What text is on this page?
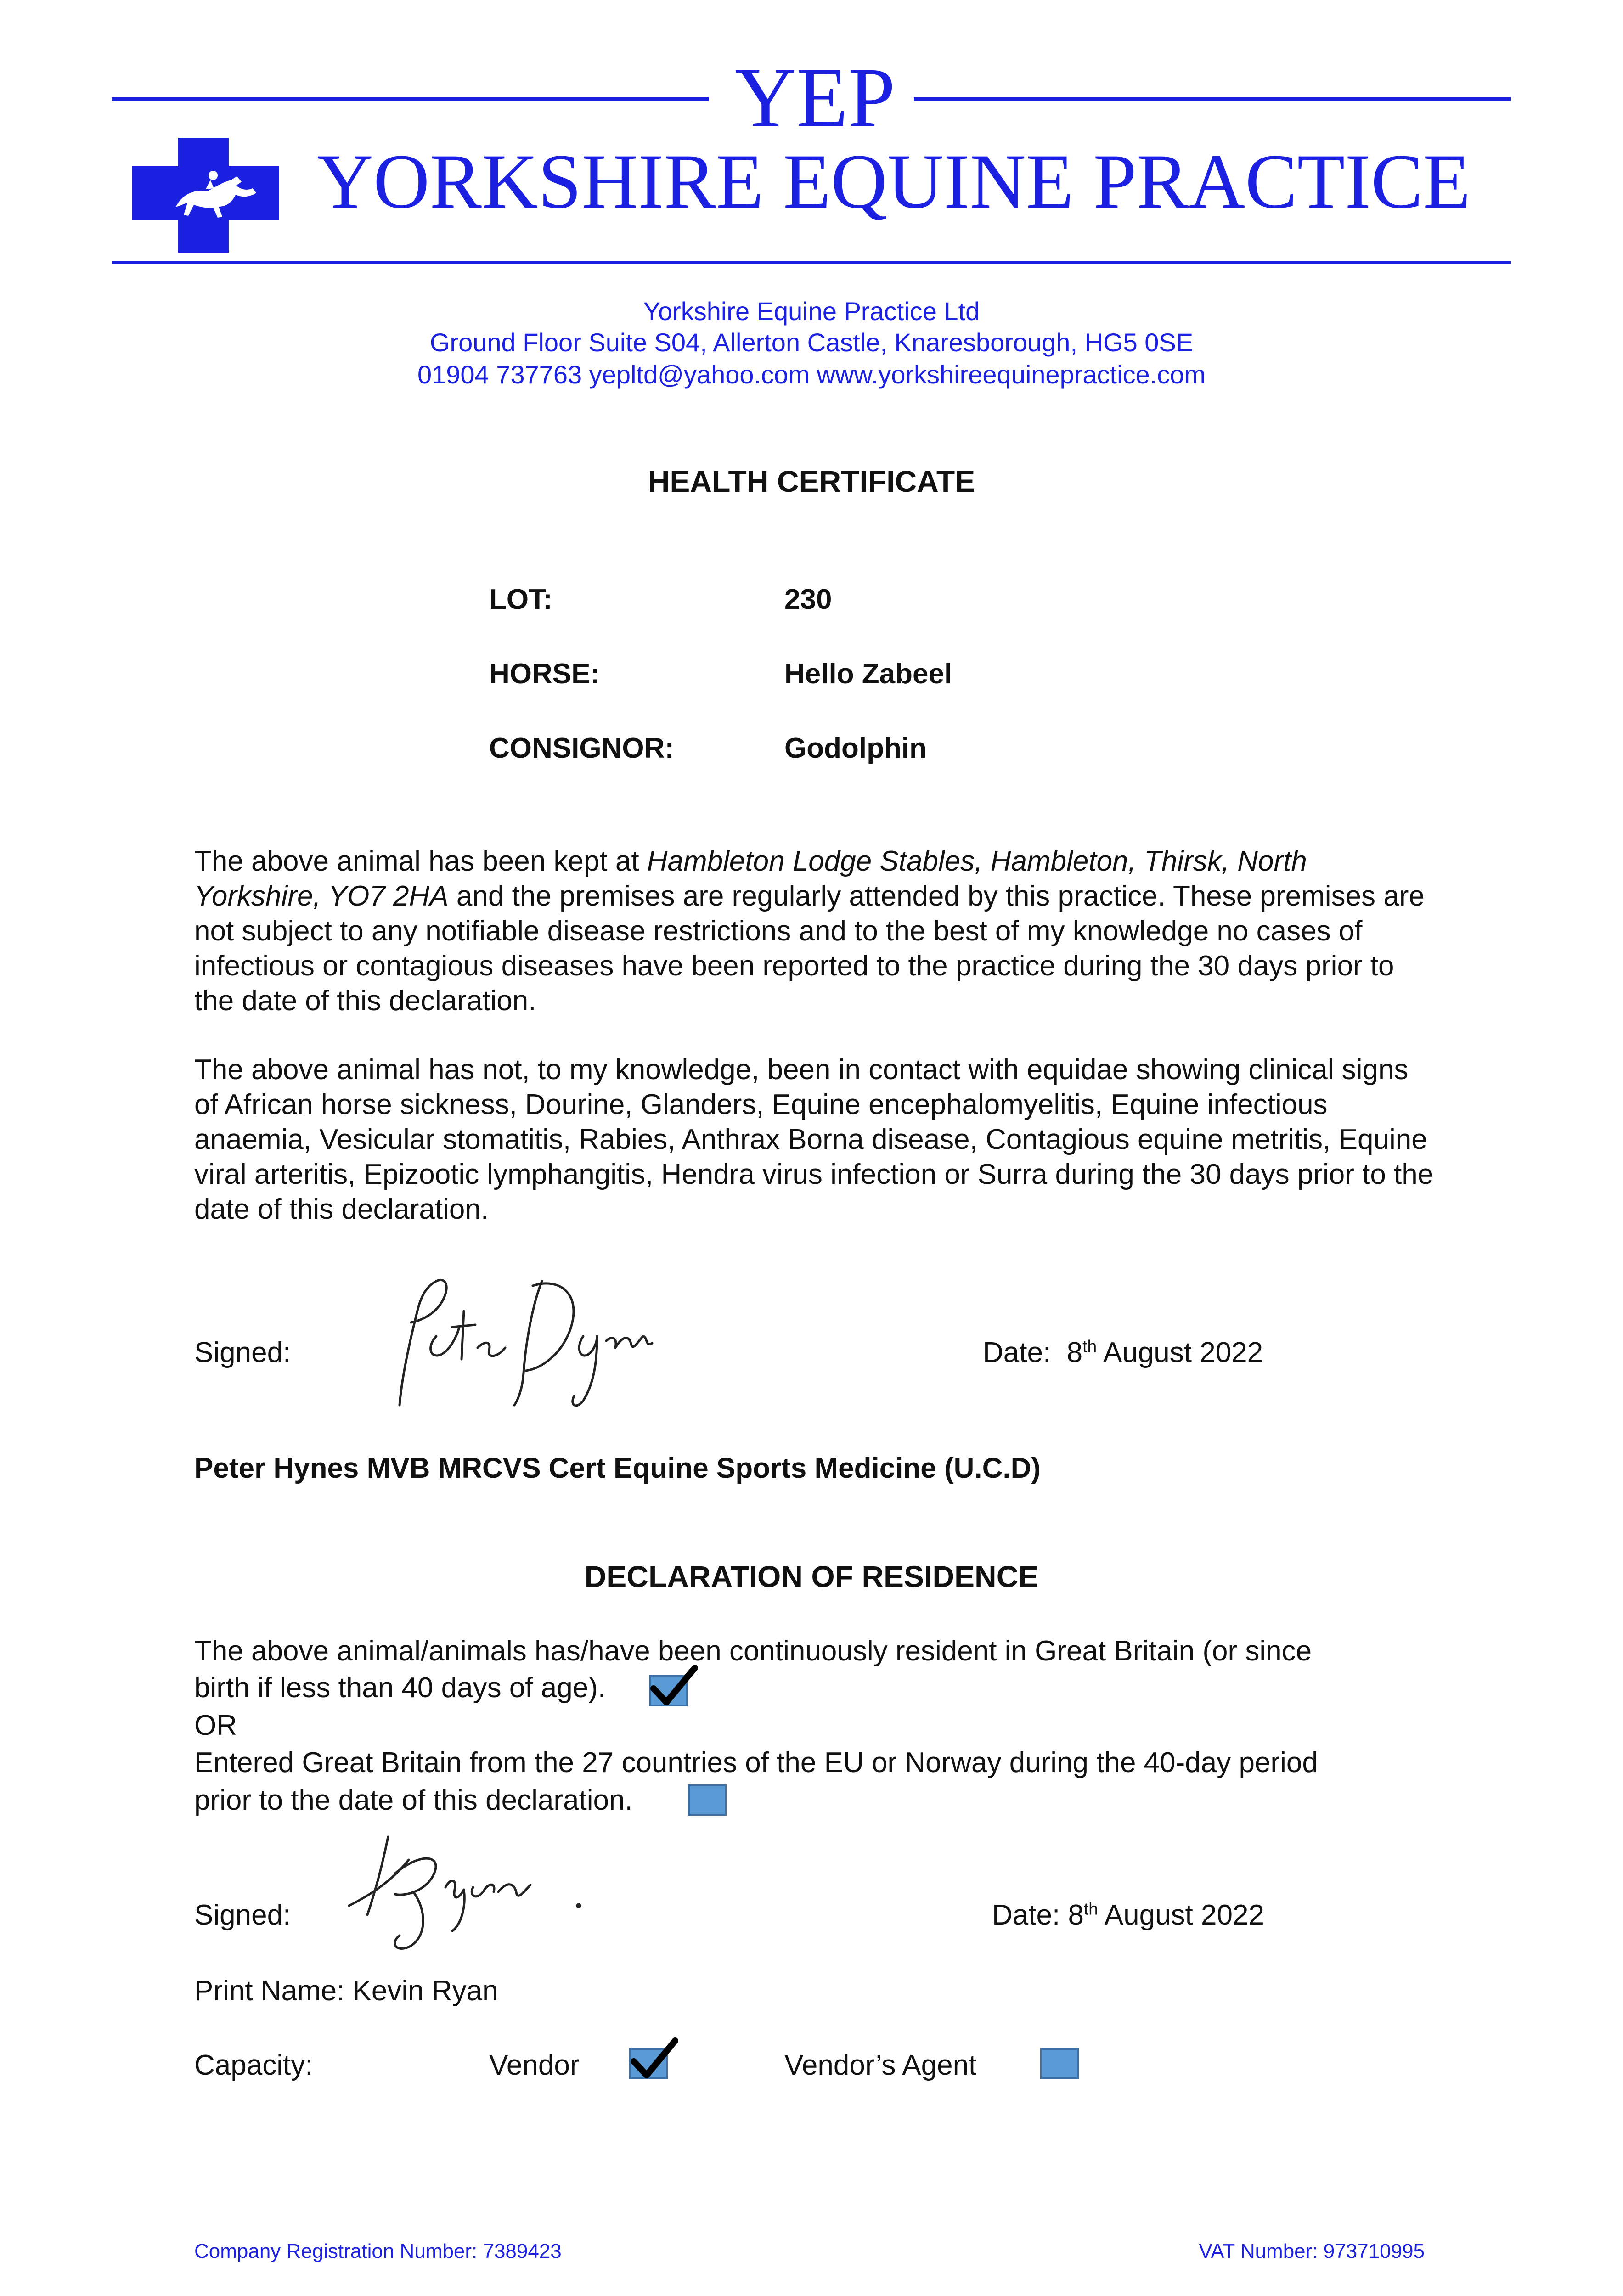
YEP
YORKSHIRE EQUINE PRACTICE
Yorkshire Equine Practice Ltd
Ground Floor Suite S04, Allerton Castle, Knaresborough, HG5 0SE
01904 737763 yepltd@yahoo.com www.yorkshireequinepractice.com
HEALTH CERTIFICATE
LOT:	230
HORSE:	Hello Zabeel
CONSIGNOR:	Godolphin
The above animal has been kept at Hambleton Lodge Stables, Hambleton, Thirsk, North Yorkshire, YO7 2HA and the premises are regularly attended by this practice. These premises are not subject to any notifiable disease restrictions and to the best of my knowledge no cases of infectious or contagious diseases have been reported to the practice during the 30 days prior to the date of this declaration.
The above animal has not, to my knowledge, been in contact with equidae showing clinical signs of African horse sickness, Dourine, Glanders, Equine encephalomyelitis, Equine infectious anaemia, Vesicular stomatitis, Rabies, Anthrax Borna disease, Contagious equine metritis, Equine viral arteritis, Epizootic lymphangitis, Hendra virus infection or Surra during the 30 days prior to the date of this declaration.
Signed:	Date: 8th August 2022
Peter Hynes MVB MRCVS Cert Equine Sports Medicine (U.C.D)
DECLARATION OF RESIDENCE
The above animal/animals has/have been continuously resident in Great Britain (or since
birth if less than 40 days of age).
OR
Entered Great Britain from the 27 countries of the EU or Norway during the 40-day period
prior to the date of this declaration.
Signed:	Date: 8th August 2022
Print Name: Kevin Ryan
Capacity:	Vendor	Vendor’s Agent
Company Registration Number: 7389423	VAT Number: 973710995
